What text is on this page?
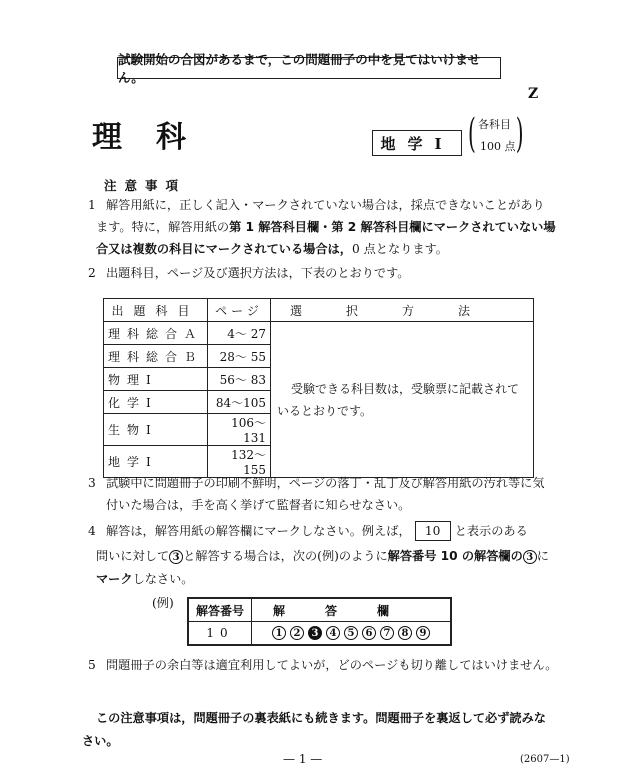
試験開始の合図があるまで，この問題冊子の中を見てはいけません。
Z
理科	地学Ⅰ ( )
各科目
100 点
注意事項
1 解答用紙に，正しく記入・マークされていない場合は，採点できないことがあり
ます。特に，解答用紙の第 1 解答科目欄・第 2 解答科目欄にマークされていない場
合又は複数の科目にマークされている場合は，0 点となります。
2 出題科目，ページ及び選択方法は，下表のとおりです。
出題科目	ページ	選択方法
理科総合Ａ	4〜 27	受験できる科目数は，受験票に記載されて
いるとおりです。

理科総合Ｂ	28〜 55	
物理Ⅰ	56〜 83	
化学Ⅰ	84〜105	
生物Ⅰ	106〜131	
地学Ⅰ	132〜155	
3 試験中に問題冊子の印刷不鮮明，ページの落丁・乱丁及び解答用紙の汚れ等に気
付いた場合は，手を高く挙げて監督者に知らせなさい。
4 解答は，解答用紙の解答欄にマークしなさい。例えば， 10 と表示のある
問いに対して 3 と解答する場合は，次の(例)のように解答番号 10 の解答欄の 3 に
マークしなさい。
(例)
解答番号	解答欄
10	1 2 3 4 5 6 7 8 9
5 問題冊子の余白等は適宜利用してよいが，どのページも切り離してはいけません。
この注意事項は，問題冊子の裏表紙にも続きます。問題冊子を裏返して必ず読みな
さい。
— 1 —	(2607—1)
